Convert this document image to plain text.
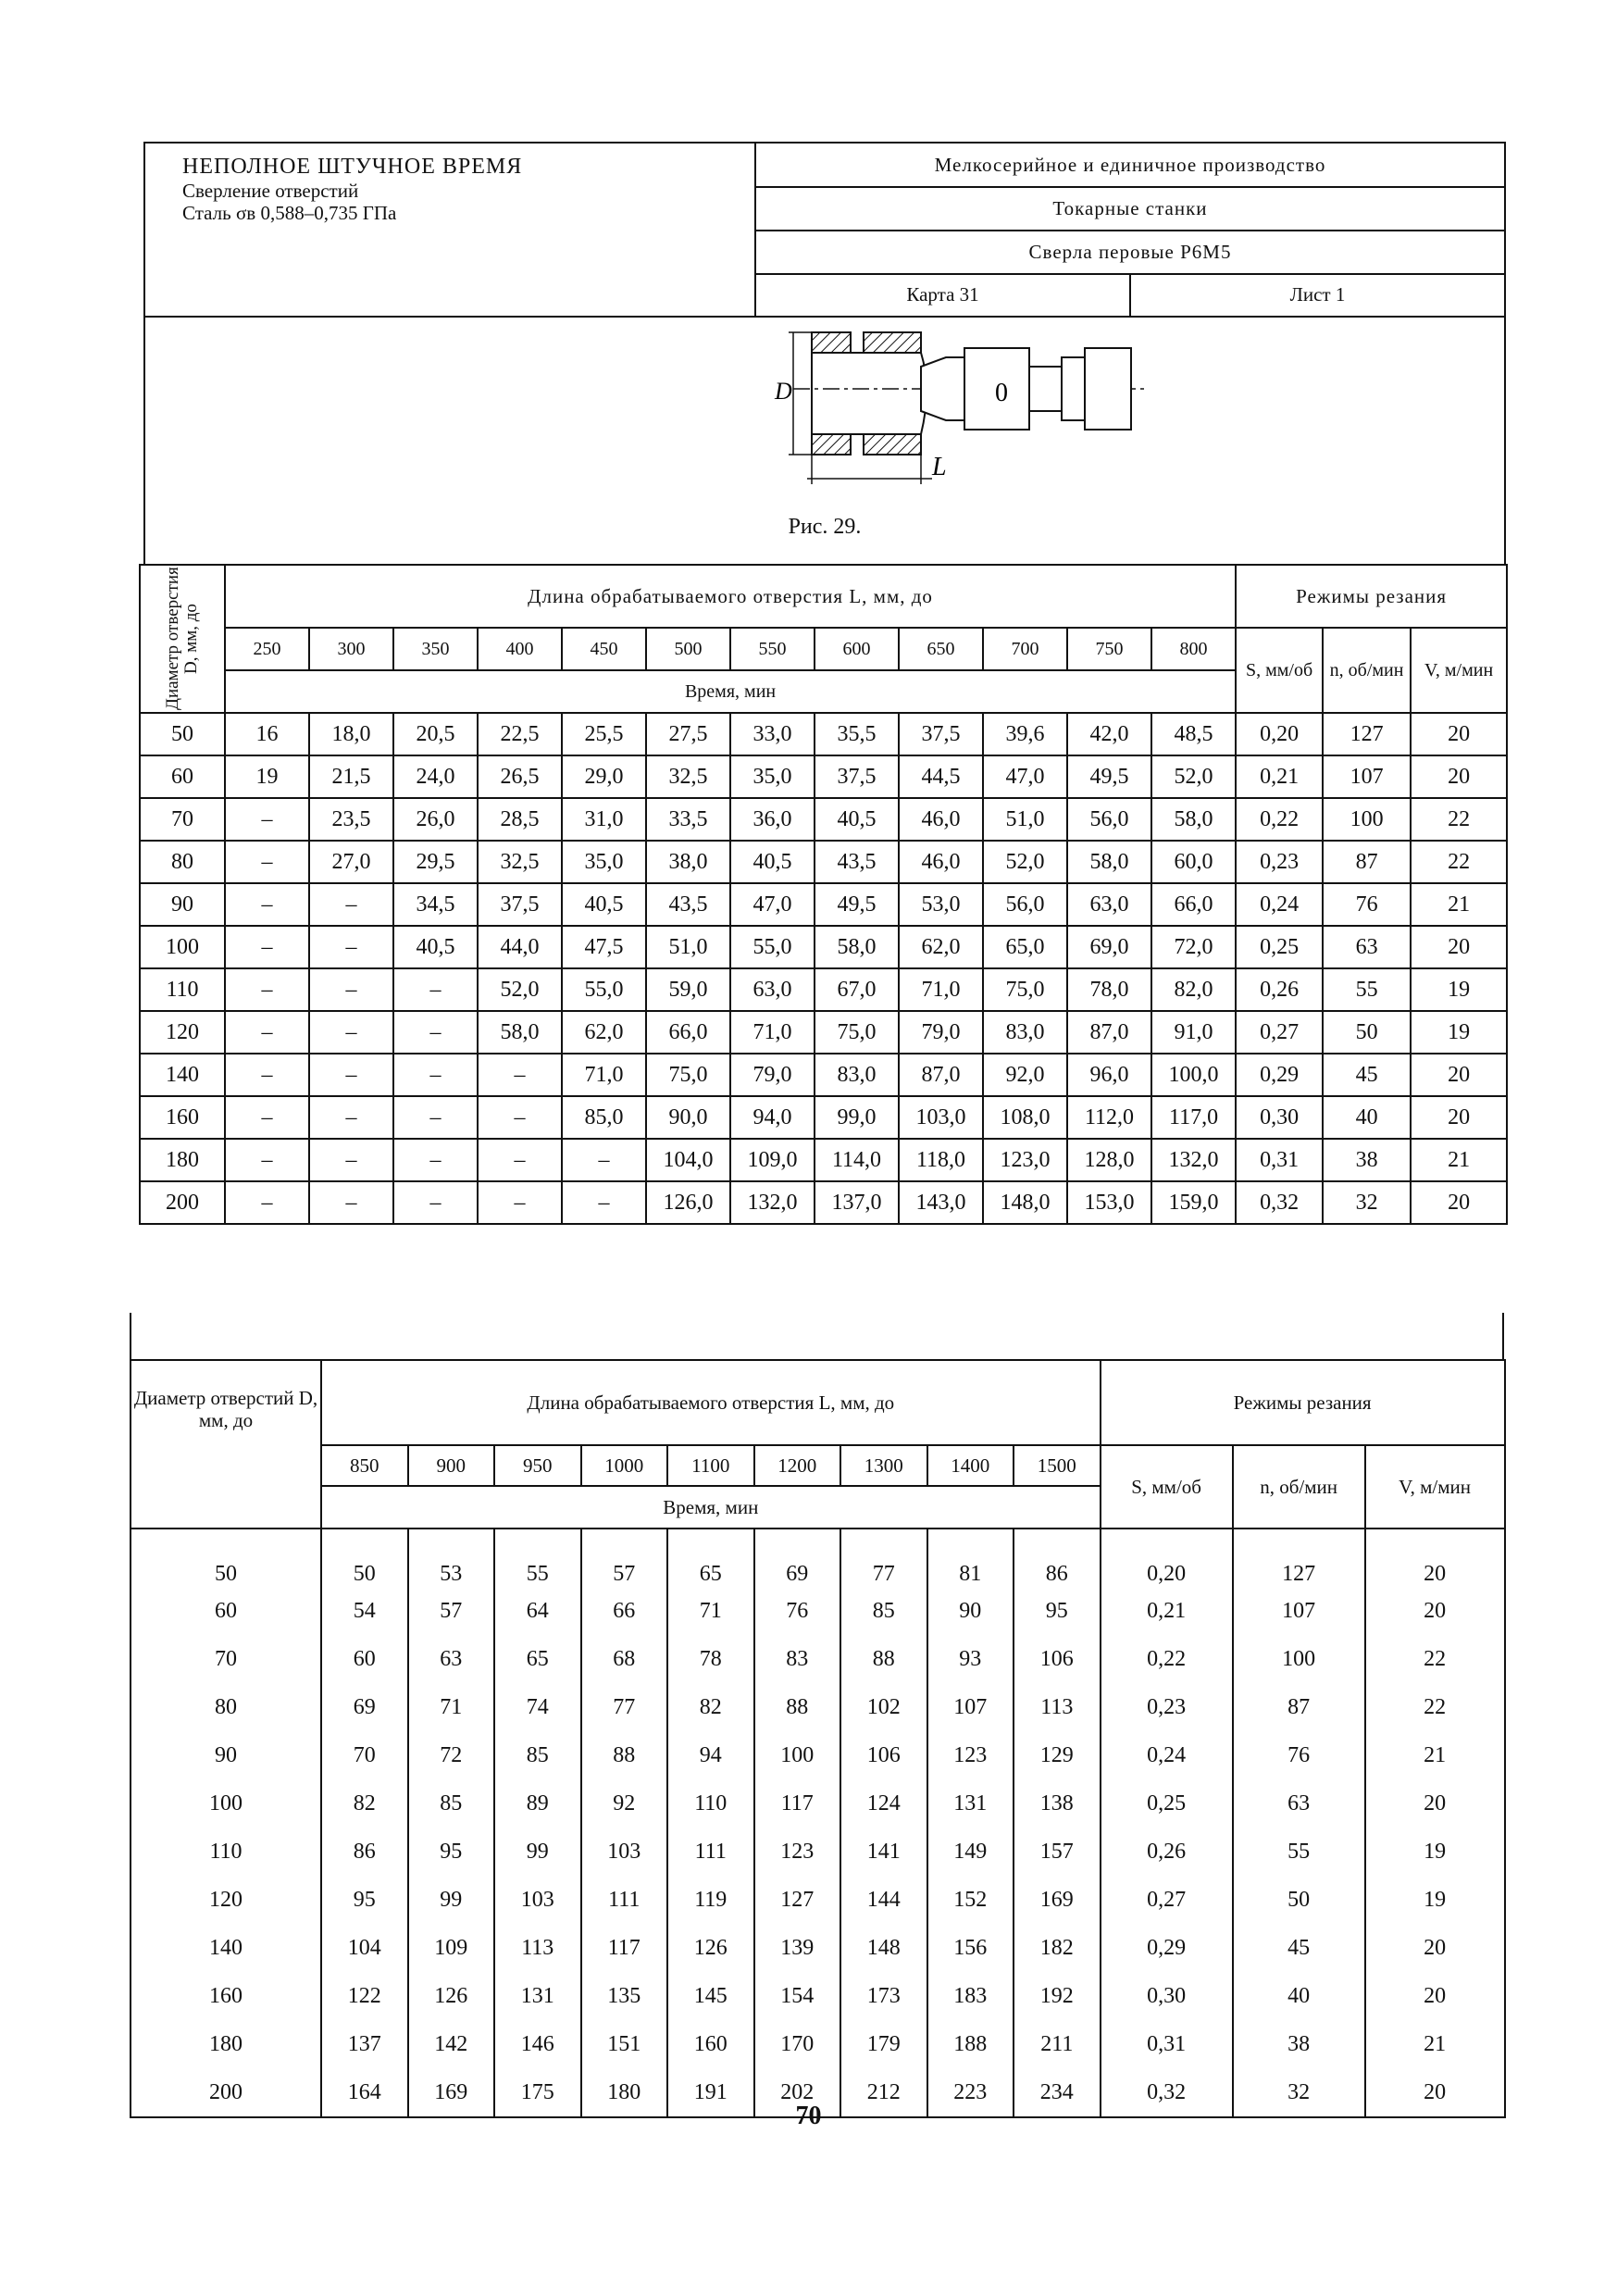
НЕПОЛНОЕ ШТУЧНОЕ ВРЕМЯ
Сверление отверстий
Сталь σв 0,588–0,735 ГПа
Мелкосерийное и единичное производство
Токарные станки
Сверла перовые Р6М5
Карта 31	Лист 1
0
D
L
Рис. 29.
Диаметр отверстия D, мм, до	Длина обрабатываемого отверстия L, мм, до												Режимы резания		
	250	300	350	400	450	500	550	600	650	700	750	800	S, мм/об	n, об/мин	V, м/мин
	Время, мин														
50	16	18,0	20,5	22,5	25,5	27,5	33,0	35,5	37,5	39,6	42,0	48,5	0,20	127	20
60	19	21,5	24,0	26,5	29,0	32,5	35,0	37,5	44,5	47,0	49,5	52,0	0,21	107	20
70	–	23,5	26,0	28,5	31,0	33,5	36,0	40,5	46,0	51,0	56,0	58,0	0,22	100	22
80	–	27,0	29,5	32,5	35,0	38,0	40,5	43,5	46,0	52,0	58,0	60,0	0,23	87	22
90	–	–	34,5	37,5	40,5	43,5	47,0	49,5	53,0	56,0	63,0	66,0	0,24	76	21
100	–	–	40,5	44,0	47,5	51,0	55,0	58,0	62,0	65,0	69,0	72,0	0,25	63	20
110	–	–	–	52,0	55,0	59,0	63,0	67,0	71,0	75,0	78,0	82,0	0,26	55	19
120	–	–	–	58,0	62,0	66,0	71,0	75,0	79,0	83,0	87,0	91,0	0,27	50	19
140	–	–	–	–	71,0	75,0	79,0	83,0	87,0	92,0	96,0	100,0	0,29	45	20
160	–	–	–	–	85,0	90,0	94,0	99,0	103,0	108,0	112,0	117,0	0,30	40	20
180	–	–	–	–	–	104,0	109,0	114,0	118,0	123,0	128,0	132,0	0,31	38	21
200	–	–	–	–	–	126,0	132,0	137,0	143,0	148,0	153,0	159,0	0,32	32	20
Диаметр отверстий D, мм, до	Длина обрабатываемого отверстия L, мм, до									Режимы резания		
	850	900	950	1000	1100	1200	1300	1400	1500	S, мм/об	n, об/мин	V, м/мин
	Время, мин											
50	50	53	55	57	65	69	77	81	86	0,20	127	20
60	54	57	64	66	71	76	85	90	95	0,21	107	20
70	60	63	65	68	78	83	88	93	106	0,22	100	22
80	69	71	74	77	82	88	102	107	113	0,23	87	22
90	70	72	85	88	94	100	106	123	129	0,24	76	21
100	82	85	89	92	110	117	124	131	138	0,25	63	20
110	86	95	99	103	111	123	141	149	157	0,26	55	19
120	95	99	103	111	119	127	144	152	169	0,27	50	19
140	104	109	113	117	126	139	148	156	182	0,29	45	20
160	122	126	131	135	145	154	173	183	192	0,30	40	20
180	137	142	146	151	160	170	179	188	211	0,31	38	21
200	164	169	175	180	191	202	212	223	234	0,32	32	20
70
